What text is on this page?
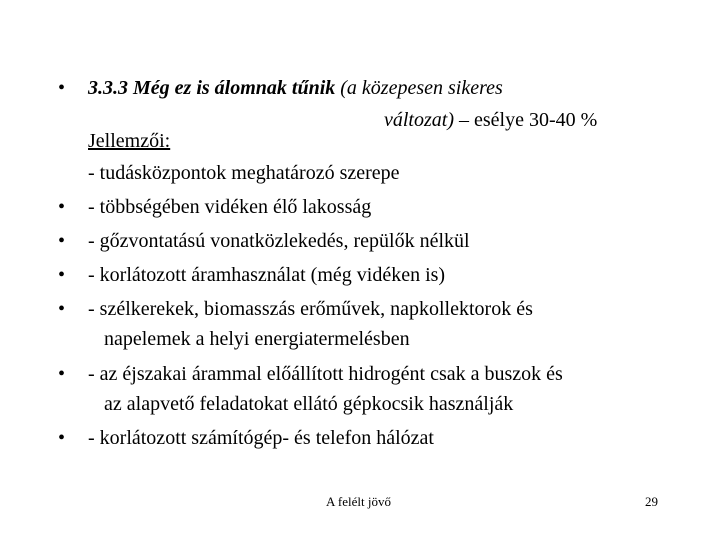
• 3.3.3 Még ez is álomnak tűnik (a közepesen sikeres
változat) – esélye 30-40 %
Jellemzői:
- tudásközpontok meghatározó szerepe
• - többségében vidéken élő lakosság
• - gőzvontatású vonatközlekedés, repülők nélkül
• - korlátozott áramhasználat (még vidéken is)
• - szélkerekek, biomasszás erőművek, napkollektorok és
napelemek a helyi energiatermelésben
• - az éjszakai árammal előállított hidrogént csak a buszok és
az alapvető feladatokat ellátó gépkocsik használják
• - korlátozott számítógép- és telefon hálózat
A felélt jövő	29
